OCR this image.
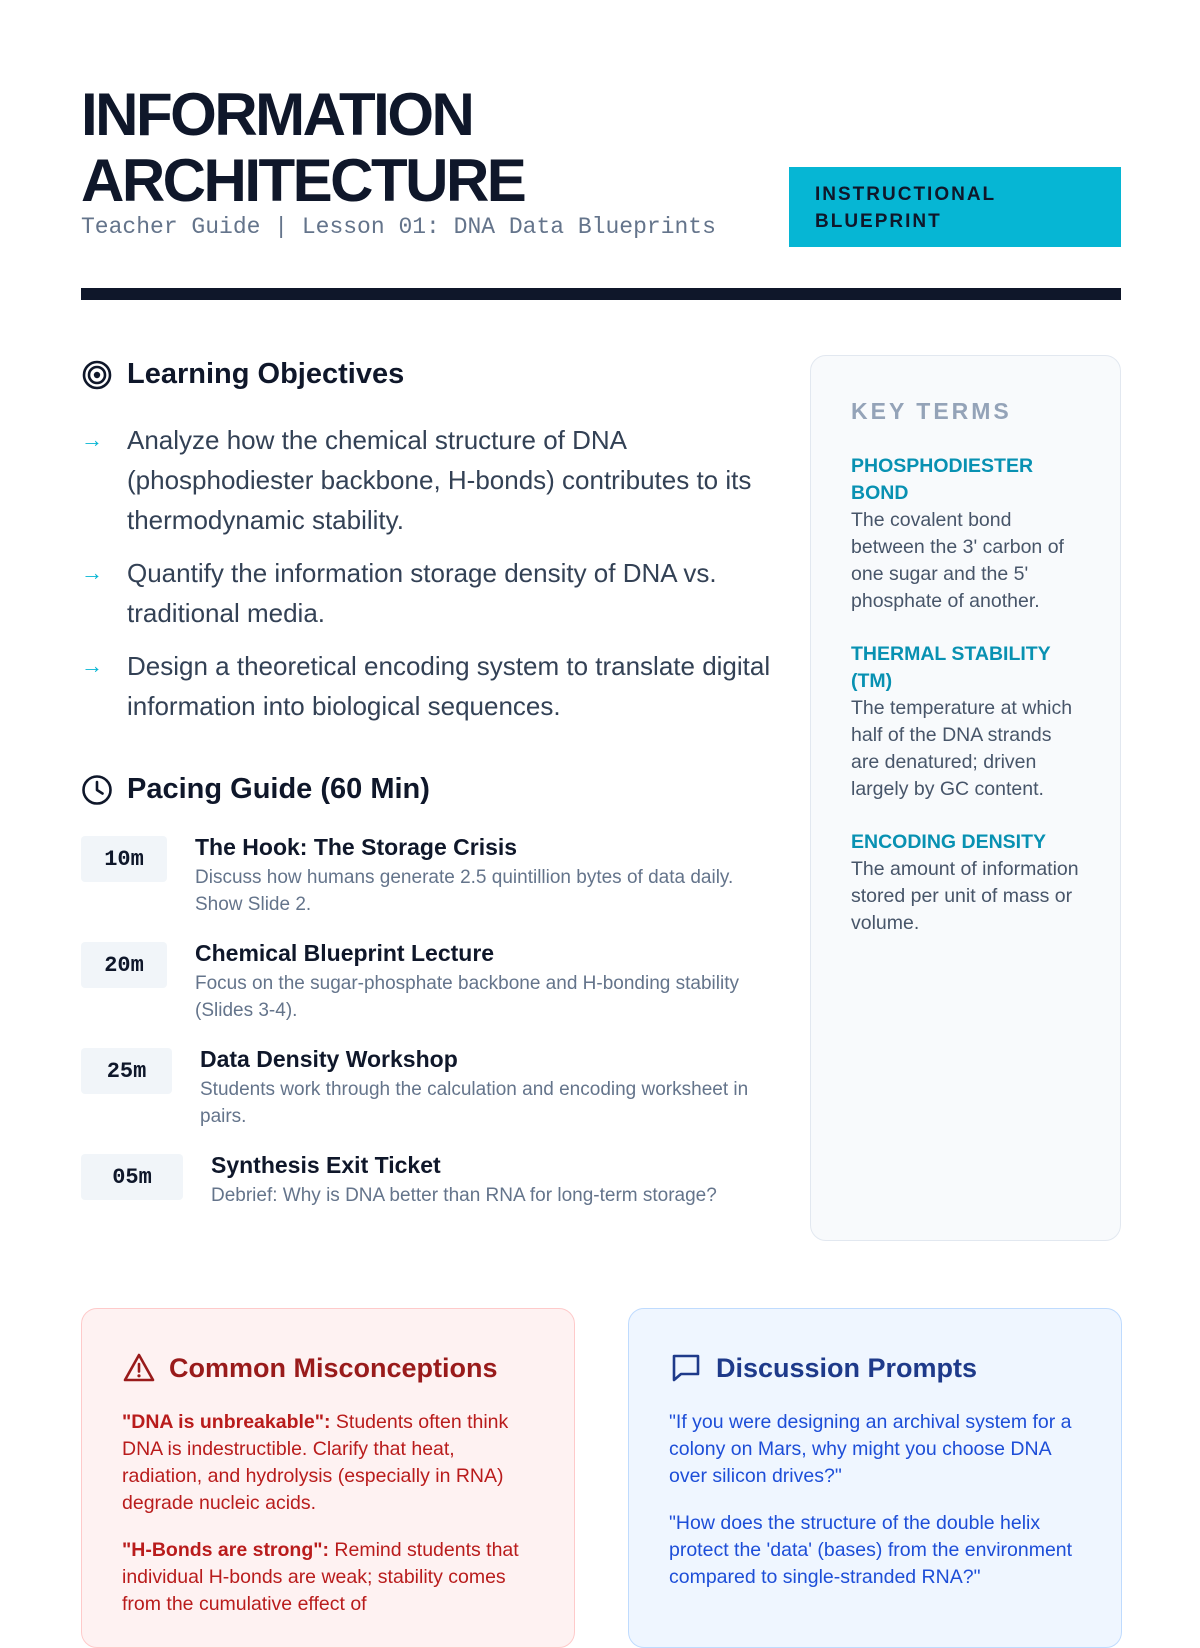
INFORMATION
ARCHITECTURE
Teacher Guide | Lesson 01: DNA Data Blueprints
INSTRUCTIONAL
BLUEPRINT
Learning Objectives
→ Analyze how the chemical structure of DNA (phosphodiester backbone, H-bonds) contributes to its thermodynamic stability.
→ Quantify the information storage density of DNA vs. traditional media.
→ Design a theoretical encoding system to translate digital information into biological sequences.
Pacing Guide (60 Min)
10m	The Hook: The Storage Crisis
Discuss how humans generate 2.5 quintillion bytes of data daily. Show Slide 2.
20m	Chemical Blueprint Lecture
Focus on the sugar-phosphate backbone and H-bonding stability (Slides 3-4).
25m	Data Density Workshop
Students work through the calculation and encoding worksheet in pairs.
05m	Synthesis Exit Ticket
Debrief: Why is DNA better than RNA for long-term storage?
KEY TERMS
PHOSPHODIESTER BOND
The covalent bond between the 3' carbon of one sugar and the 5' phosphate of another.
THERMAL STABILITY (TM)
The temperature at which half of the DNA strands are denatured; driven largely by GC content.
ENCODING DENSITY
The amount of information stored per unit of mass or volume.
Common Misconceptions

"DNA is unbreakable": Students often think DNA is indestructible. Clarify that heat, radiation, and hydrolysis (especially in RNA) degrade nucleic acids.

"H-Bonds are strong": Remind students that individual H-bonds are weak; stability comes from the cumulative effect of

Discussion Prompts

"If you were designing an archival system for a colony on Mars, why might you choose DNA over silicon drives?"

"How does the structure of the double helix protect the 'data' (bases) from the environment compared to single-stranded RNA?"
